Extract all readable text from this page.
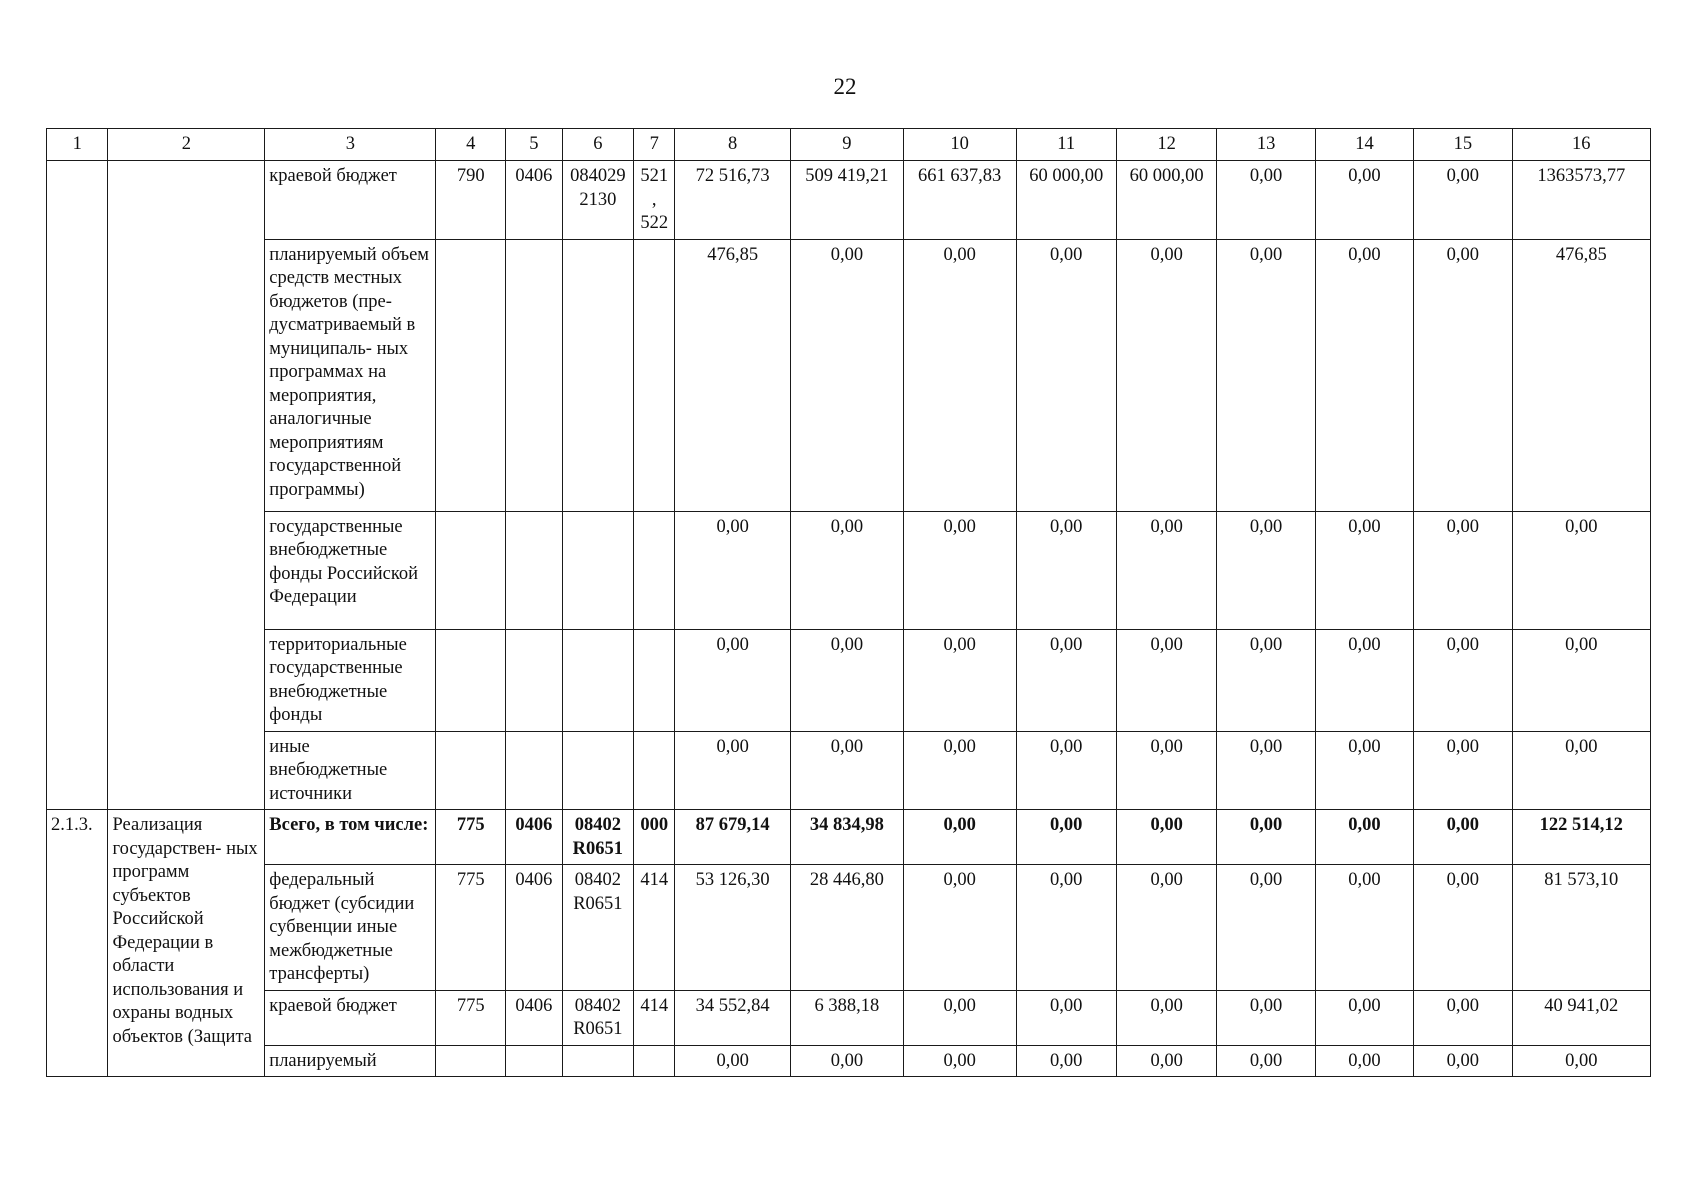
22
1	2	3	4	5	6	7	8	9	10	11	12	13	14	15	16
		краевой бюджет	790	0406	084029 2130	521 , 522	72 516,73	509 419,21	661 637,83	60 000,00	60 000,00	0,00	0,00	0,00	1363573,77
		планируемый объем средств местных бюджетов (пре- дусматриваемый в муниципаль- ных программах на мероприятия, аналогичные мероприятиям государственной программы)					476,85	0,00	0,00	0,00	0,00	0,00	0,00	0,00	476,85
		государственные внебюджетные фонды Российской Федерации					0,00	0,00	0,00	0,00	0,00	0,00	0,00	0,00	0,00
		территориальные государственные внебюджетные фонды					0,00	0,00	0,00	0,00	0,00	0,00	0,00	0,00	0,00
		иные внебюджетные источники					0,00	0,00	0,00	0,00	0,00	0,00	0,00	0,00	0,00
2.1.3.	Реализация государствен- ных программ субъектов Российской Федерации в области использования и охраны водных объектов (Защита	Всего, в том числе:	775	0406	08402 R0651	000	87 679,14	34 834,98	0,00	0,00	0,00	0,00	0,00	0,00	122 514,12
		федеральный бюджет (субсидии субвенции иные межбюджетные трансферты)	775	0406	08402 R0651	414	53 126,30	28 446,80	0,00	0,00	0,00	0,00	0,00	0,00	81 573,10
		краевой бюджет	775	0406	08402 R0651	414	34 552,84	6 388,18	0,00	0,00	0,00	0,00	0,00	0,00	40 941,02
		планируемый					0,00	0,00	0,00	0,00	0,00	0,00	0,00	0,00	0,00
